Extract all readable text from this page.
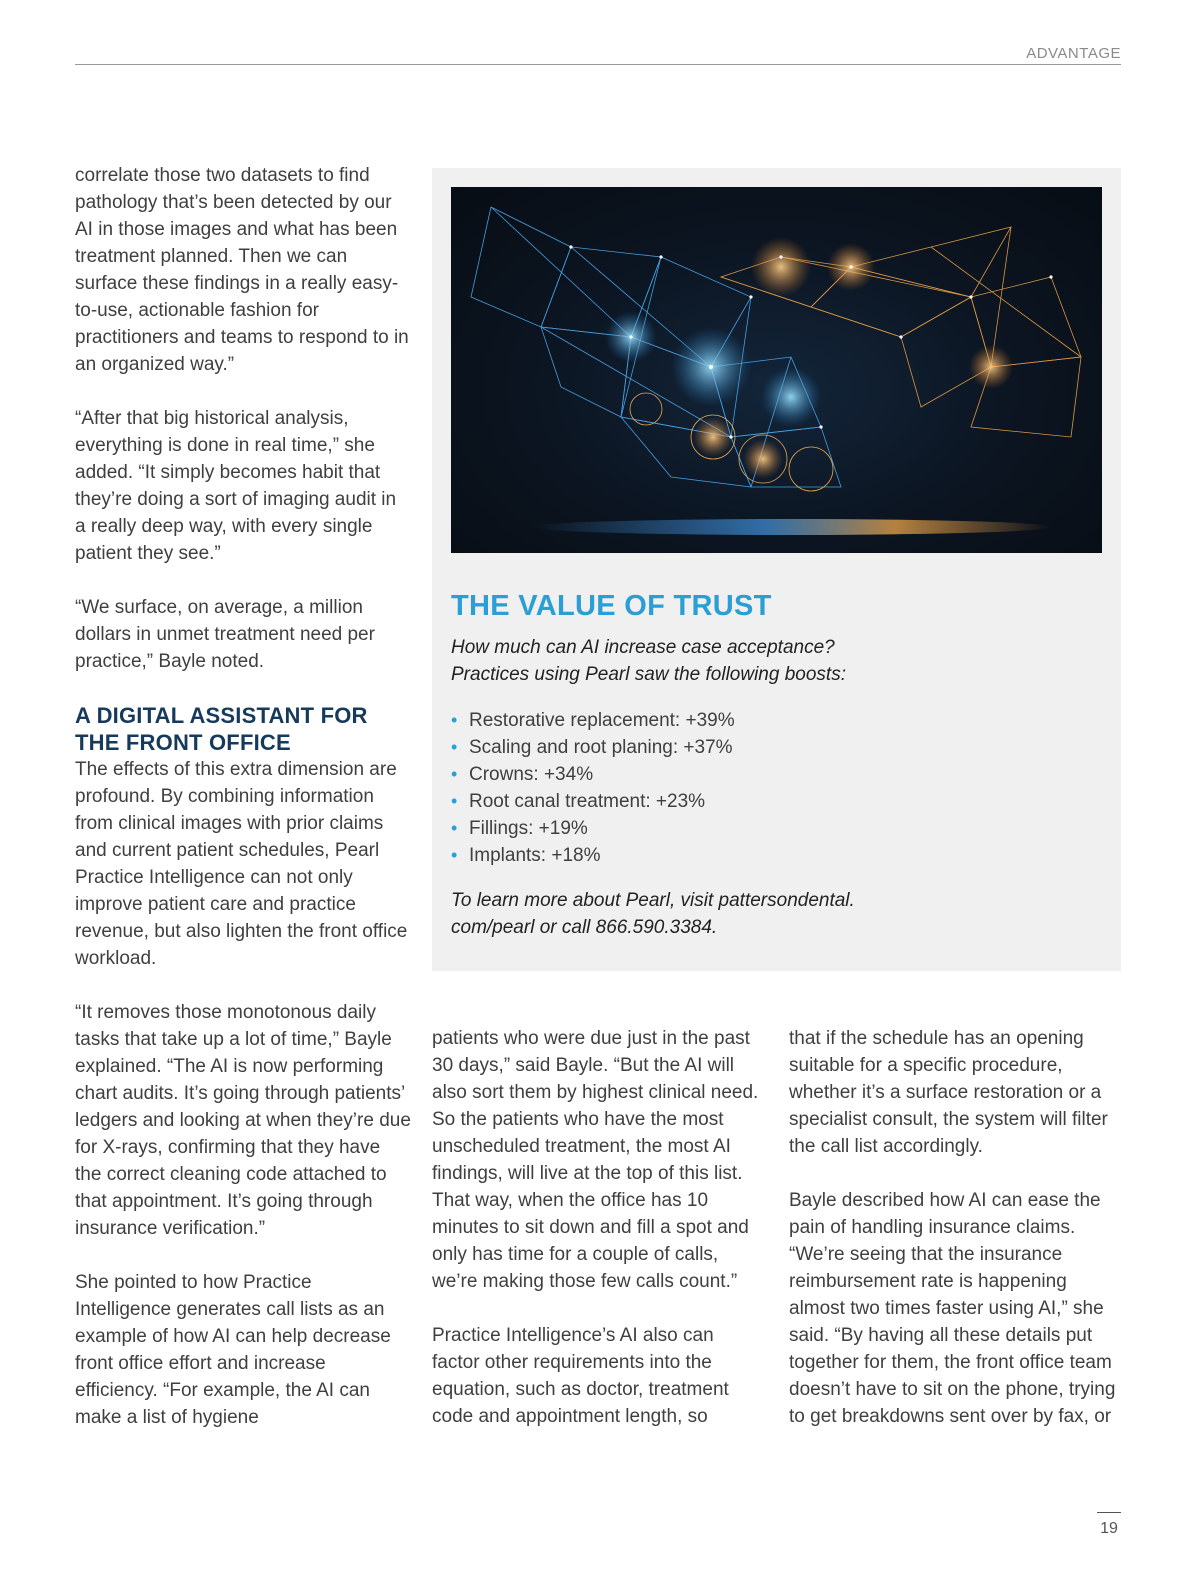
ADVANTAGE

correlate those two datasets to find pathology that’s been detected by our AI in those images and what has been treatment planned. Then we can surface these findings in a really easy-to-use, actionable fashion for practitioners and teams to respond to in an organized way.”

“After that big historical analysis, everything is done in real time,” she added. “It simply becomes habit that they’re doing a sort of imaging audit in a really deep way, with every single patient they see.”

“We surface, on average, a million dollars in unmet treatment need per practice,” Bayle noted.

A DIGITAL ASSISTANT FOR
THE FRONT OFFICE

The effects of this extra dimension are profound. By combining information from clinical images with prior claims and current patient schedules, Pearl Practice Intelligence can not only improve patient care and practice revenue, but also lighten the front office workload.

“It removes those monotonous daily tasks that take up a lot of time,” Bayle explained. “The AI is now performing chart audits. It’s going through patients’ ledgers and looking at when they’re due for X-rays, confirming that they have the correct cleaning code attached to that appointment. It’s going through insurance verification.”

She pointed to how Practice Intelligence generates call lists as an example of how AI can help decrease front office effort and increase efficiency. “For example, the AI can make a list of hygiene

THE VALUE OF TRUST
How much can AI increase case acceptance?
Practices using Pearl saw the following boosts:
• Restorative replacement: +39%
• Scaling and root planing: +37%
• Crowns: +34%
• Root canal treatment: +23%
• Fillings: +19%
• Implants: +18%
To learn more about Pearl, visit pattersondental.
com/pearl or call 866.590.3384.

patients who were due just in the past 30 days,” said Bayle. “But the AI will also sort them by highest clinical need. So the patients who have the most unscheduled treatment, the most AI findings, will live at the top of this list. That way, when the office has 10 minutes to sit down and fill a spot and only has time for a couple of calls, we’re making those few calls count.”

Practice Intelligence’s AI also can factor other requirements into the equation, such as doctor, treatment code and appointment length, so

that if the schedule has an opening suitable for a specific procedure, whether it’s a surface restoration or a specialist consult, the system will filter the call list accordingly.

Bayle described how AI can ease the pain of handling insurance claims. “We’re seeing that the insurance reimbursement rate is happening almost two times faster using AI,” she said. “By having all these details put together for them, the front office team doesn’t have to sit on the phone, trying to get breakdowns sent over by fax, or

19
